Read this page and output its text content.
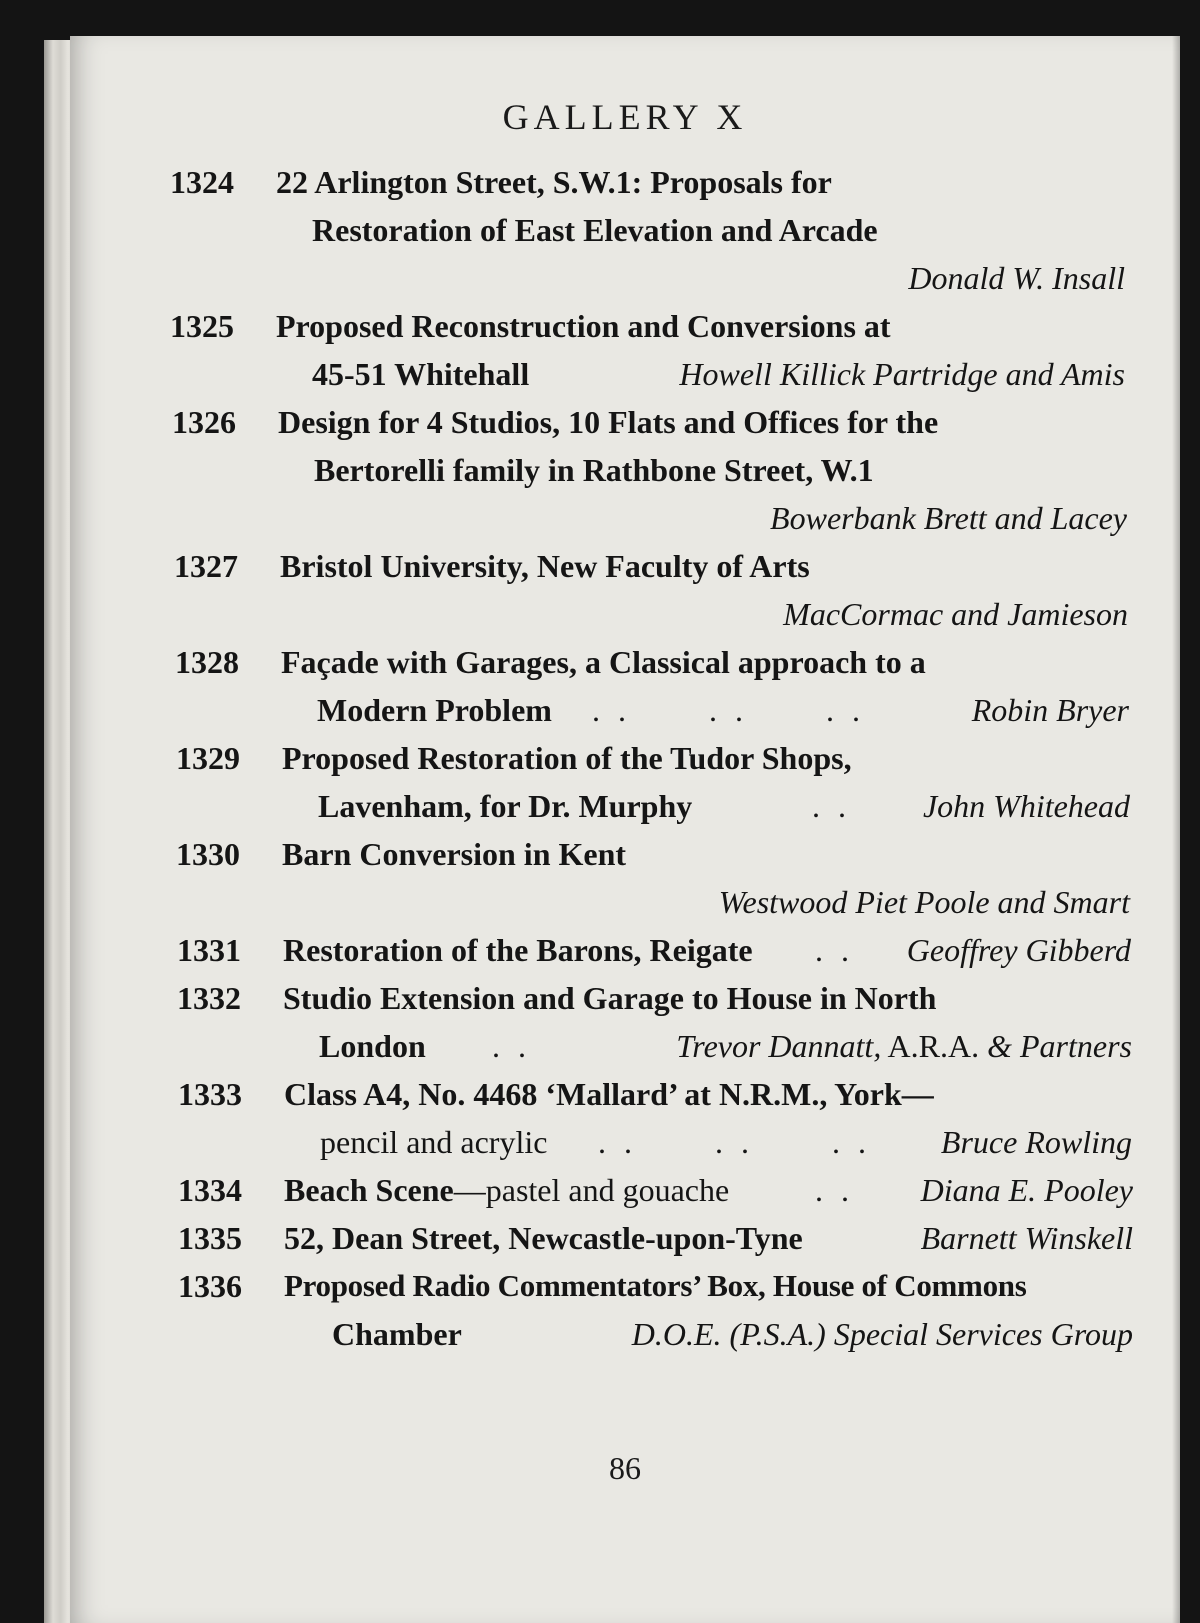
GALLERY X
1324 22 Arlington Street, S.W.1: Proposals for
Restoration of East Elevation and Arcade
Donald W. Insall
1325 Proposed Reconstruction and Conversions at
45-51 Whitehall	Howell Killick Partridge and Amis
1326 Design for 4 Studios, 10 Flats and Offices for the
Bertorelli family in Rathbone Street, W.1
Bowerbank Brett and Lacey
1327 Bristol University, New Faculty of Arts
MacCormac and Jamieson
1328 Façade with Garages, a Classical approach to a
Modern Problem . .      . .      . .	Robin Bryer
1329 Proposed Restoration of the Tudor Shops,
Lavenham, for Dr. Murphy	. . John Whitehead
1330 Barn Conversion in Kent
Westwood Piet Poole and Smart
1331 Restoration of the Barons, Reigate . . Geoffrey Gibberd
1332 Studio Extension and Garage to House in North
London . .	Trevor Dannatt, A.R.A. & Partners
1333 Class A4, No. 4468 ‘Mallard’ at N.R.M., York—
pencil and acrylic . .      . .      . . Bruce Rowling
1334 Beach Scene—pastel and gouache	. . Diana E. Pooley
1335 52, Dean Street, Newcastle-upon-Tyne	Barnett Winskell
1336 Proposed Radio Commentators’ Box, House of Commons
Chamber	D.O.E. (P.S.A.) Special Services Group
86
